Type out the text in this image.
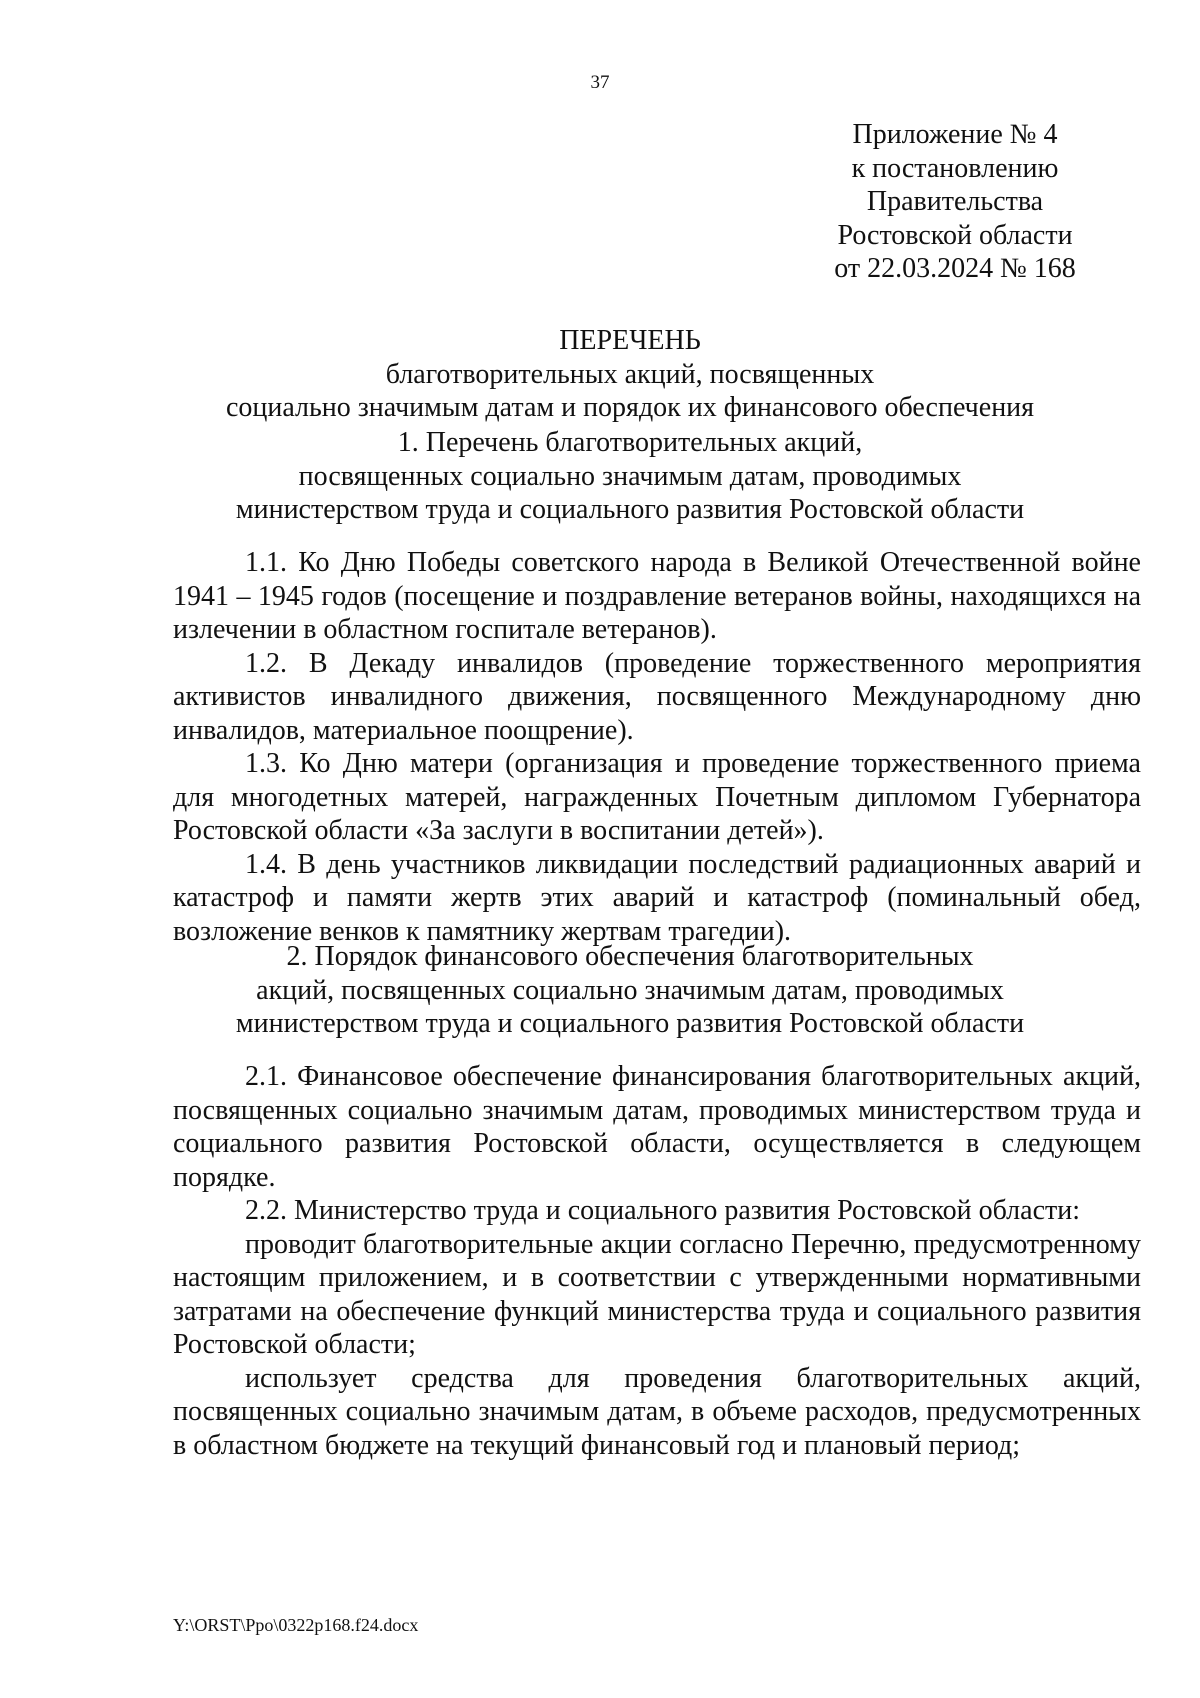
37
Приложение № 4
к постановлению
Правительства
Ростовской области
от 22.03.2024 № 168
ПЕРЕЧЕНЬ
благотворительных акций, посвященных
социально значимым датам и порядок их финансового обеспечения
1. Перечень благотворительных акций,
посвященных социально значимым датам, проводимых
министерством труда и социального развития Ростовской области

1.1. Ко Дню Победы советского народа в Великой Отечественной войне 1941 – 1945 годов (посещение и поздравление ветеранов войны, находящихся на излечении в областном госпитале ветеранов).

1.2. В Декаду инвалидов (проведение торжественного мероприятия активистов инвалидного движения, посвященного Международному дню инвалидов, материальное поощрение).

1.3. Ко Дню матери (организация и проведение торжественного приема для многодетных матерей, награжденных Почетным дипломом Губернатора Ростовской области «За заслуги в воспитании детей»).

1.4. В день участников ликвидации последствий радиационных аварий и катастроф и памяти жертв этих аварий и катастроф (поминальный обед, возложение венков к памятнику жертвам трагедии).

2. Порядок финансового обеспечения благотворительных
акций, посвященных социально значимым датам, проводимых
министерством труда и социального развития Ростовской области

2.1. Финансовое обеспечение финансирования благотворительных акций, посвященных социально значимым датам, проводимых министерством труда и социального развития Ростовской области, осуществляется в следующем порядке.

2.2. Министерство труда и социального развития Ростовской области:

проводит благотворительные акции согласно Перечню, предусмотренному настоящим приложением, и в соответствии с утвержденными нормативными затратами на обеспечение функций министерства труда и социального развития Ростовской области;

использует средства для проведения благотворительных акций, посвященных социально значимым датам, в объеме расходов, предусмотренных в областном бюджете на текущий финансовый год и плановый период;

Y:\ORST\Ppo\0322p168.f24.docx
